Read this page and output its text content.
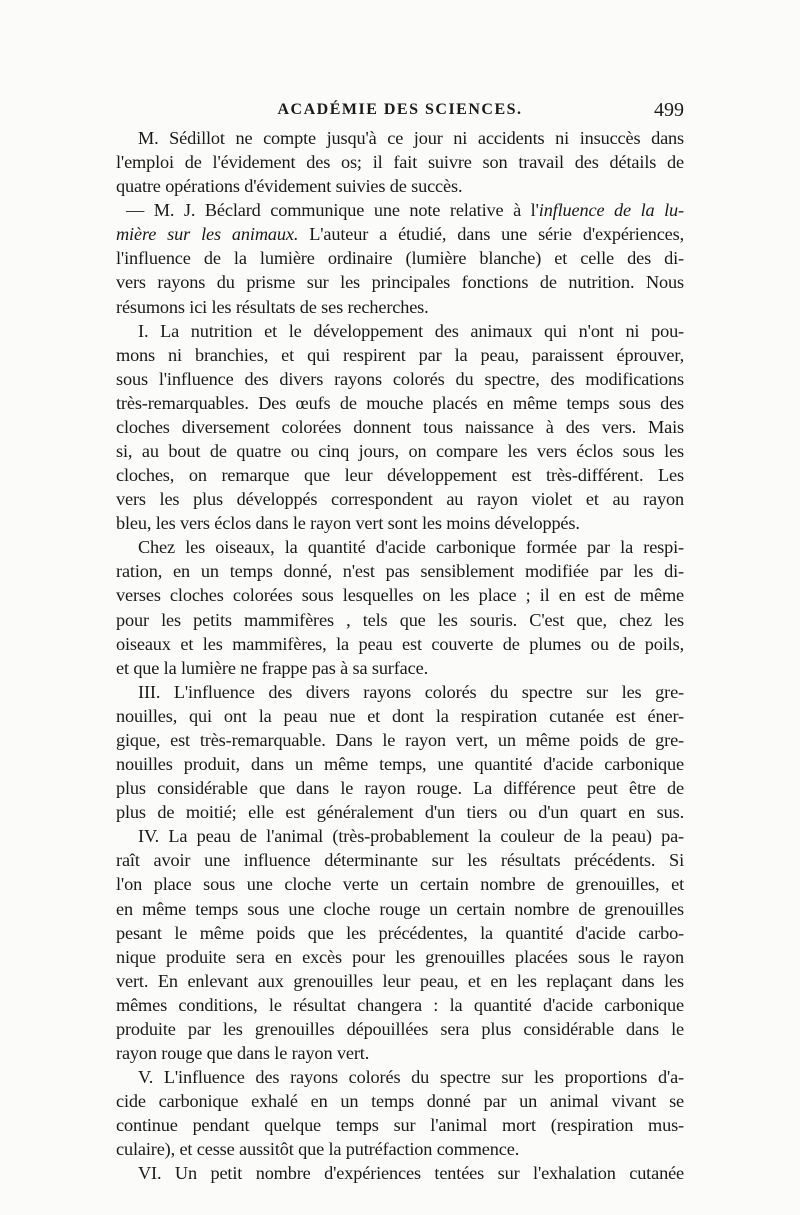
ACADÉMIE DES SCIENCES.	499
M. Sédillot ne compte jusqu'à ce jour ni accidents ni insuccès dans
l'emploi de l'évidement des os; il fait suivre son travail des détails de
quatre opérations d'évidement suivies de succès.
— M. J. Béclard communique une note relative à l'influence de la lu-
mière sur les animaux. L'auteur a étudié, dans une série d'expériences,
l'influence de la lumière ordinaire (lumière blanche) et celle des di-
vers rayons du prisme sur les principales fonctions de nutrition. Nous
résumons ici les résultats de ses recherches.
I. La nutrition et le développement des animaux qui n'ont ni pou-
mons ni branchies, et qui respirent par la peau, paraissent éprouver,
sous l'influence des divers rayons colorés du spectre, des modifications
très-remarquables. Des œufs de mouche placés en même temps sous des
cloches diversement colorées donnent tous naissance à des vers. Mais
si, au bout de quatre ou cinq jours, on compare les vers éclos sous les
cloches, on remarque que leur développement est très-différent. Les
vers les plus développés correspondent au rayon violet et au rayon
bleu, les vers éclos dans le rayon vert sont les moins développés.
Chez les oiseaux, la quantité d'acide carbonique formée par la respi-
ration, en un temps donné, n'est pas sensiblement modifiée par les di-
verses cloches colorées sous lesquelles on les place ; il en est de même
pour les petits mammifères , tels que les souris. C'est que, chez les
oiseaux et les mammifères, la peau est couverte de plumes ou de poils,
et que la lumière ne frappe pas à sa surface.
III. L'influence des divers rayons colorés du spectre sur les gre-
nouilles, qui ont la peau nue et dont la respiration cutanée est éner-
gique, est très-remarquable. Dans le rayon vert, un même poids de gre-
nouilles produit, dans un même temps, une quantité d'acide carbonique
plus considérable que dans le rayon rouge. La différence peut être de
plus de moitié; elle est généralement d'un tiers ou d'un quart en sus.
IV. La peau de l'animal (très-probablement la couleur de la peau) pa-
raît avoir une influence déterminante sur les résultats précédents. Si
l'on place sous une cloche verte un certain nombre de grenouilles, et
en même temps sous une cloche rouge un certain nombre de grenouilles
pesant le même poids que les précédentes, la quantité d'acide carbo-
nique produite sera en excès pour les grenouilles placées sous le rayon
vert. En enlevant aux grenouilles leur peau, et en les replaçant dans les
mêmes conditions, le résultat changera : la quantité d'acide carbonique
produite par les grenouilles dépouillées sera plus considérable dans le
rayon rouge que dans le rayon vert.
V. L'influence des rayons colorés du spectre sur les proportions d'a-
cide carbonique exhalé en un temps donné par un animal vivant se
continue pendant quelque temps sur l'animal mort (respiration mus-
culaire), et cesse aussitôt que la putréfaction commence.
VI. Un petit nombre d'expériences tentées sur l'exhalation cutanée
